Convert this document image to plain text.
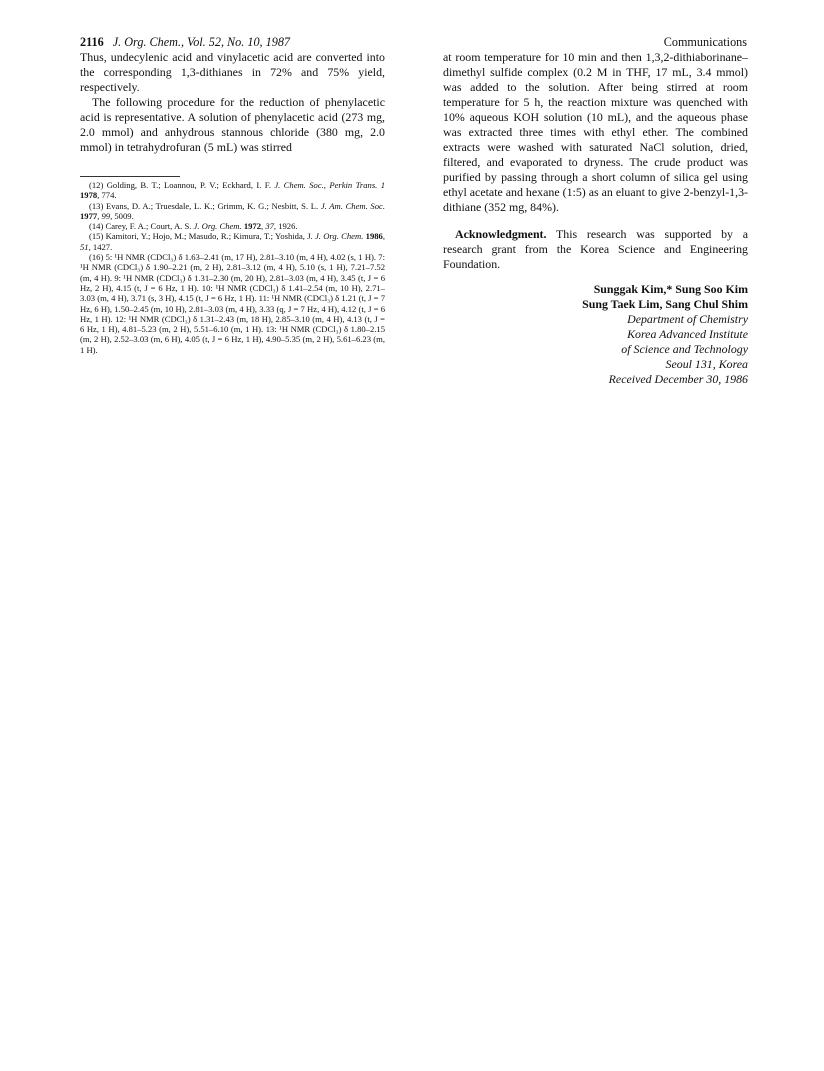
2116 J. Org. Chem., Vol. 52, No. 10, 1987	Communications

Thus, undecylenic acid and vinylacetic acid are converted into the corresponding 1,3-dithianes in 72% and 75% yield, respectively.

The following procedure for the reduction of phenylacetic acid is representative. A solution of phenylacetic acid (273 mg, 2.0 mmol) and anhydrous stannous chloride (380 mg, 2.0 mmol) in tetrahydrofuran (5 mL) was stirred

(12) Golding, B. T.; Loannou, P. V.; Eckhard, I. F. J. Chem. Soc., Perkin Trans. 1 1978, 774.

(13) Evans, D. A.; Truesdale, L. K.; Grimm, K. G.; Nesbitt, S. L. J. Am. Chem. Soc. 1977, 99, 5009.

(14) Carey, F. A.; Court, A. S. J. Org. Chem. 1972, 37, 1926.

(15) Kamitori, Y.; Hojo, M.; Masudo, R.; Kimura, T.; Yoshida, J. J. Org. Chem. 1986, 51, 1427.

(16) 5: ¹H NMR (CDCl₃) δ 1.63–2.41 (m, 17 H), 2.81–3.10 (m, 4 H), 4.02 (s, 1 H). 7: ¹H NMR (CDCl₃) δ 1.90–2.21 (m, 2 H), 2.81–3.12 (m, 4 H), 5.10 (s, 1 H), 7.21–7.52 (m, 4 H). 9: ¹H NMR (CDCl₃) δ 1.31–2.30 (m, 20 H), 2.81–3.03 (m, 4 H), 3.45 (t, J = 6 Hz, 2 H), 4.15 (t, J = 6 Hz, 1 H). 10: ¹H NMR (CDCl₃) δ 1.41–2.54 (m, 10 H), 2.71–3.03 (m, 4 H), 3.71 (s, 3 H), 4.15 (t, J = 6 Hz, 1 H). 11: ¹H NMR (CDCl₃) δ 1.21 (t, J = 7 Hz, 6 H), 1.50–2.45 (m, 10 H), 2.81–3.03 (m, 4 H), 3.33 (q, J = 7 Hz, 4 H), 4.12 (t, J = 6 Hz, 1 H). 12: ¹H NMR (CDCl₃) δ 1.31–2.43 (m, 18 H), 2.85–3.10 (m, 4 H), 4.13 (t, J = 6 Hz, 1 H), 4.81–5.23 (m, 2 H), 5.51–6.10 (m, 1 H). 13: ¹H NMR (CDCl₃) δ 1.80–2.15 (m, 2 H), 2.52–3.03 (m, 6 H), 4.05 (t, J = 6 Hz, 1 H), 4.90–5.35 (m, 2 H), 5.61–6.23 (m, 1 H).

at room temperature for 10 min and then 1,3,2-dithiaborinane–dimethyl sulfide complex (0.2 M in THF, 17 mL, 3.4 mmol) was added to the solution. After being stirred at room temperature for 5 h, the reaction mixture was quenched with 10% aqueous KOH solution (10 mL), and the aqueous phase was extracted three times with ethyl ether. The combined extracts were washed with saturated NaCl solution, dried, filtered, and evaporated to dryness. The crude product was purified by passing through a short column of silica gel using ethyl acetate and hexane (1:5) as an eluant to give 2-benzyl-1,3-dithiane (352 mg, 84%).

Acknowledgment. This research was supported by a research grant from the Korea Science and Engineering Foundation.

Sunggak Kim,* Sung Soo Kim
Sung Taek Lim, Sang Chul Shim
Department of Chemistry
Korea Advanced Institute
of Science and Technology
Seoul 131, Korea
Received December 30, 1986
